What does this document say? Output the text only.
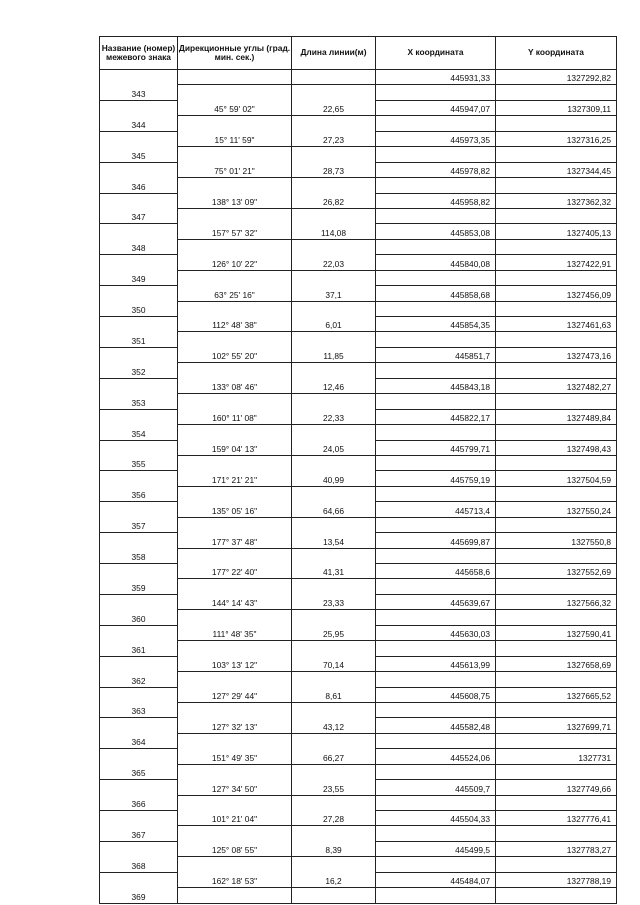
Название (номер) межевого знака	Дирекционные углы (град. мин. сек.)	Длина линии(м)	X координата	Y координата
343			445931,33	1327292,82
	45° 59' 02"	22,65		
344			445947,07	1327309,11
	15° 11' 59"	27,23		
345			445973,35	1327316,25
	75° 01' 21"	28,73		
346			445978,82	1327344,45
	138° 13' 09"	26,82		
347			445958,82	1327362,32
	157° 57' 32"	114,08		
348			445853,08	1327405,13
	126° 10' 22"	22,03		
349			445840,08	1327422,91
	63° 25' 16"	37,1		
350			445858,68	1327456,09
	112° 48' 38"	6,01		
351			445854,35	1327461,63
	102° 55' 20"	11,85		
352			445851,7	1327473,16
	133° 08' 46"	12,46		
353			445843,18	1327482,27
	160° 11' 08"	22,33		
354			445822,17	1327489,84
	159° 04' 13"	24,05		
355			445799,71	1327498,43
	171° 21' 21"	40,99		
356			445759,19	1327504,59
	135° 05' 16"	64,66		
357			445713,4	1327550,24
	177° 37' 48"	13,54		
358			445699,87	1327550,8
	177° 22' 40"	41,31		
359			445658,6	1327552,69
	144° 14' 43"	23,33		
360			445639,67	1327566,32
	111° 48' 35"	25,95		
361			445630,03	1327590,41
	103° 13' 12"	70,14		
362			445613,99	1327658,69
	127° 29' 44"	8,61		
363			445608,75	1327665,52
	127° 32' 13"	43,12		
364			445582,48	1327699,71
	151° 49' 35"	66,27		
365			445524,06	1327731
	127° 34' 50"	23,55		
366			445509,7	1327749,66
	101° 21' 04"	27,28		
367			445504,33	1327776,41
	125° 08' 55"	8,39		
368			445499,5	1327783,27
	162° 18' 53"	16,2		
369			445484,07	1327788,19
